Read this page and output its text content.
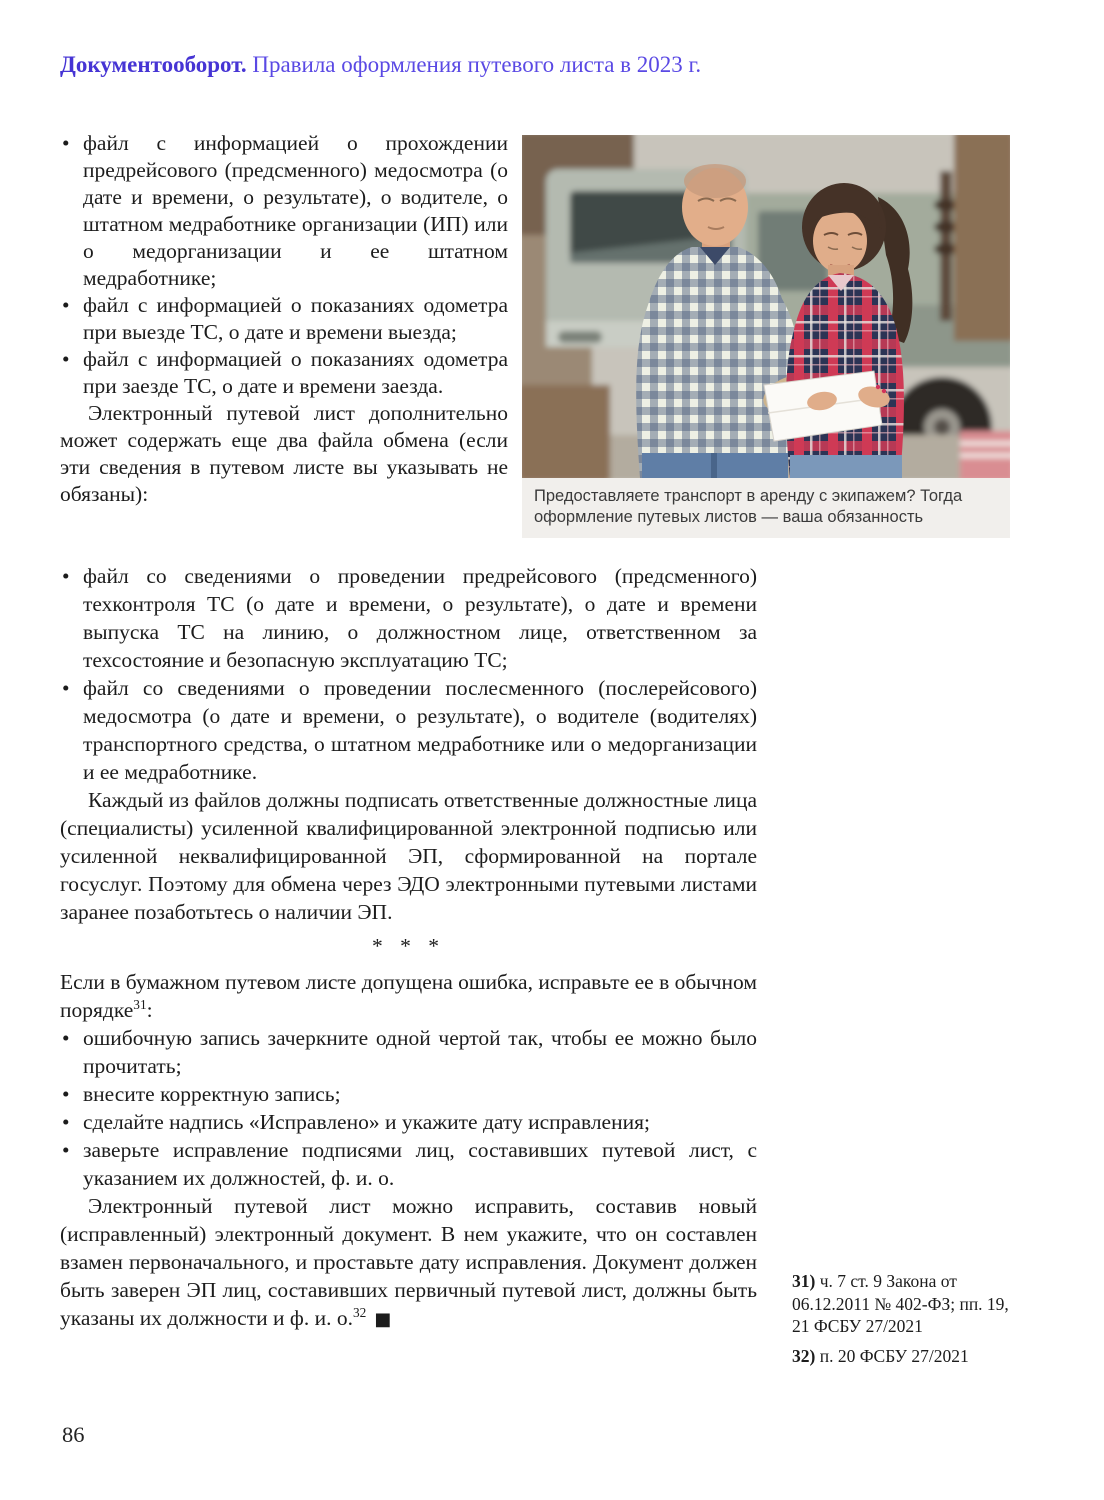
Документооборот. Правила оформления путевого листа в 2023 г.
• файл с информацией о прохождении предрейсового (предсменного) медосмотра (о дате и времени, о результате), о водителе, о штатном медработнике организации (ИП) или о медорганизации и ее штатном медработнике;
• файл с информацией о показаниях одометра при выезде ТС, о дате и времени выезда;
• файл с информацией о показаниях одометра при заезде ТС, о дате и времени заезда.

Электронный путевой лист дополнительно может содержать еще два файла обмена (если эти сведения в путевом листе вы указывать не обязаны):	Предоставляете транспорт в аренду с экипажем? Тогда оформление путевых листов — ваша обязанность
• файл со сведениями о проведении предрейсового (предсменного) техконтроля ТС (о дате и времени, о результате), о дате и времени выпуска ТС на линию, о должностном лице, ответственном за техсостояние и безопасную эксплуатацию ТС;
• файл со сведениями о проведении послесменного (послерейсового) медосмотра (о дате и времени, о результате), о водителе (водителях) транспортного средства, о штатном медработнике или о медорганизации и ее медработнике.

Каждый из файлов должны подписать ответственные должностные лица (специалисты) усиленной квалифицированной электронной подписью или усиленной неквалифицированной ЭП, сформированной на портале госуслуг. Поэтому для обмена через ЭДО электронными путевыми листами заранее позаботьтесь о наличии ЭП.

* * *

Если в бумажном путевом листе допущена ошибка, исправьте ее в обычном порядке$^{31}$:

• ошибочную запись зачеркните одной чертой так, чтобы ее можно было прочитать;
• внесите корректную запись;
• сделайте надпись «Исправлено» и укажите дату исправления;
• заверьте исправление подписями лиц, составивших путевой лист, с указанием их должностей, ф. и. о.

Электронный путевой лист можно исправить, составив новый (исправленный) электронный документ. В нем укажите, что он составлен взамен первоначального, и проставьте дату исправления. Документ должен быть заверен ЭП лиц, составивших первичный путевой лист, должны быть указаны их должности и ф. и. о.$^{32}$ ■

31) ч. 7 ст. 9 Закона от 06.12.2011 № 402-ФЗ; пп. 19, 21 ФСБУ 27/2021

32) п. 20 ФСБУ 27/2021

86
